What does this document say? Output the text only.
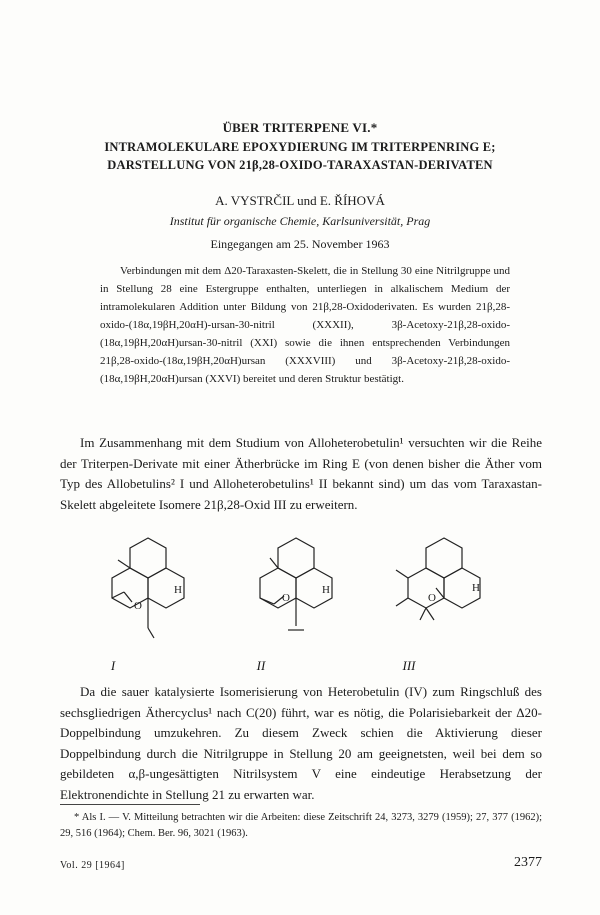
ÜBER TRITERPENE VI.*
INTRAMOLEKULARE EPOXYDIERUNG IM TRITERPENRING E;
DARSTELLUNG VON 21β,28-OXIDO-TARAXASTAN-DERIVATEN
A. VYSTRČIL und E. ŘÍHOVÁ
Institut für organische Chemie, Karlsuniversität, Prag
Eingegangen am 25. November 1963

Verbindungen mit dem Δ20-Taraxasten-Skelett, die in Stellung 30 eine Nitrilgruppe und in Stellung 28 eine Estergruppe enthalten, unterliegen in alkalischem Medium der intramolekularen Addition unter Bildung von 21β,28-Oxidoderivaten. Es wurden 21β,28-oxido-(18α,19βH,20αH)-ursan-30-nitril (XXXII), 3β-Acetoxy-21β,28-oxido-(18α,19βH,20αH)ursan-30-nitril (XXI) sowie die ihnen entsprechenden Verbindungen 21β,28-oxido-(18α,19βH,20αH)ursan (XXXVIII) und 3β-Acetoxy-21β,28-oxido-(18α,19βH,20αH)ursan (XXVI) bereitet und deren Struktur bestätigt.

Im Zusammenhang mit dem Studium von Alloheterobetulin¹ versuchten wir die Reihe der Triterpen-Derivate mit einer Ätherbrücke im Ring E (von denen bisher die Äther vom Typ des Allobetulins² I und Alloheterobetulins¹ II bekannt sind) um das vom Taraxastan-Skelett abgeleitete Isomere 21β,28-Oxid III zu erweitern.

H
O
I
H
O
II
H
O
III

Da die sauer katalysierte Isomerisierung von Heterobetulin (IV) zum Ringschluß des sechsgliedrigen Äthercyclus¹ nach C(20) führt, war es nötig, die Polarisiebarkeit der Δ20-Doppelbindung umzukehren. Zu diesem Zweck schien die Aktivierung dieser Doppelbindung durch die Nitrilgruppe in Stellung 20 am geeignetsten, weil bei dem so gebildeten α,β-ungesättigten Nitrilsystem V eine eindeutige Herabsetzung der Elektronendichte in Stellung 21 zu erwarten war.

* Als I. — V. Mitteilung betrachten wir die Arbeiten: diese Zeitschrift 24, 3273, 3279 (1959); 27, 377 (1962); 29, 516 (1964); Chem. Ber. 96, 3021 (1963).

Vol. 29 [1964]	2377
